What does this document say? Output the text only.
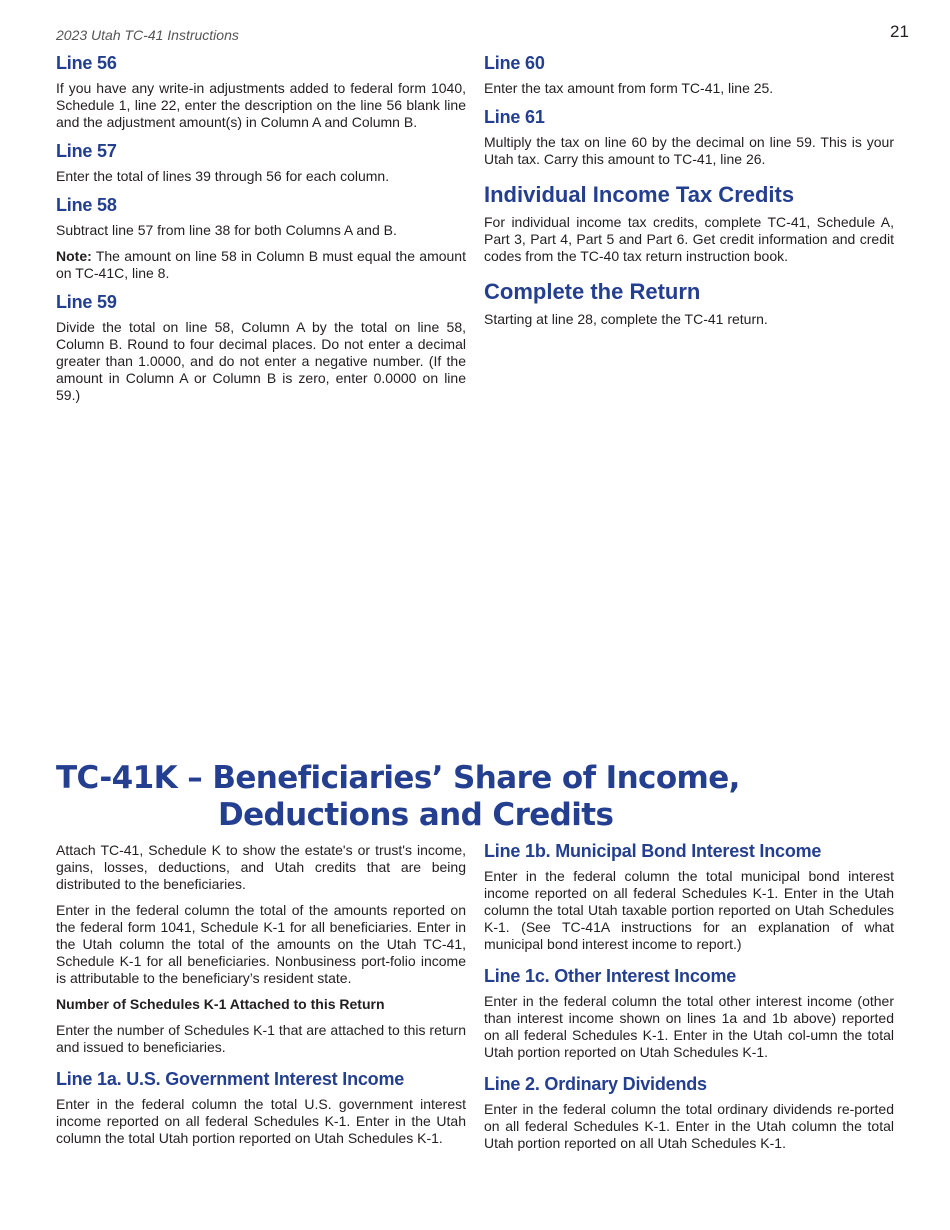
2023 Utah TC-41 Instructions	21
Line 56

If you have any write-in adjustments added to federal form 1040, Schedule 1, line 22, enter the description on the line 56 blank line and the adjustment amount(s) in Column A and Column B.

Line 57

Enter the total of lines 39 through 56 for each column.

Line 58

Subtract line 57 from line 38 for both Columns A and B.

Note: The amount on line 58 in Column B must equal the amount on TC-41C, line 8.

Line 59

Divide the total on line 58, Column A by the total on line 58, Column B. Round to four decimal places. Do not enter a decimal greater than 1.0000, and do not enter a negative number. (If the amount in Column A or Column B is zero, enter 0.0000 on line 59.)

Line 60

Enter the tax amount from form TC-41, line 25.

Line 61

Multiply the tax on line 60 by the decimal on line 59. This is your Utah tax. Carry this amount to TC-41, line 26.

Individual Income Tax Credits

For individual income tax credits, complete TC-41, Schedule A, Part 3, Part 4, Part 5 and Part 6. Get credit information and credit codes from the TC-40 tax return instruction book.

Complete the Return

Starting at line 28, complete the TC-41 return.

TC-41K – Beneficiaries’ Share of Income,
Deductions and Credits

Attach TC-41, Schedule K to show the estate's or trust's income, gains, losses, deductions, and Utah credits that are being distributed to the beneficiaries.

Enter in the federal column the total of the amounts reported on the federal form 1041, Schedule K-1 for all beneficiaries. Enter in the Utah column the total of the amounts on the Utah TC-41, Schedule K-1 for all beneficiaries. Nonbusiness port-folio income is attributable to the beneficiary’s resident state.

Number of Schedules K-1 Attached to this Return

Enter the number of Schedules K-1 that are attached to this return and issued to beneficiaries.

Line 1a. U.S. Government Interest Income

Enter in the federal column the total U.S. government interest income reported on all federal Schedules K-1. Enter in the Utah column the total Utah portion reported on Utah Schedules K-1.

Line 1b. Municipal Bond Interest Income

Enter in the federal column the total municipal bond interest income reported on all federal Schedules K-1. Enter in the Utah column the total Utah taxable portion reported on Utah Schedules K-1. (See TC-41A instructions for an explanation of what municipal bond interest income to report.)

Line 1c. Other Interest Income

Enter in the federal column the total other interest income (other than interest income shown on lines 1a and 1b above) reported on all federal Schedules K-1. Enter in the Utah col-umn the total Utah portion reported on Utah Schedules K-1.

Line 2. Ordinary Dividends

Enter in the federal column the total ordinary dividends re-ported on all federal Schedules K-1. Enter in the Utah column the total Utah portion reported on all Utah Schedules K-1.
